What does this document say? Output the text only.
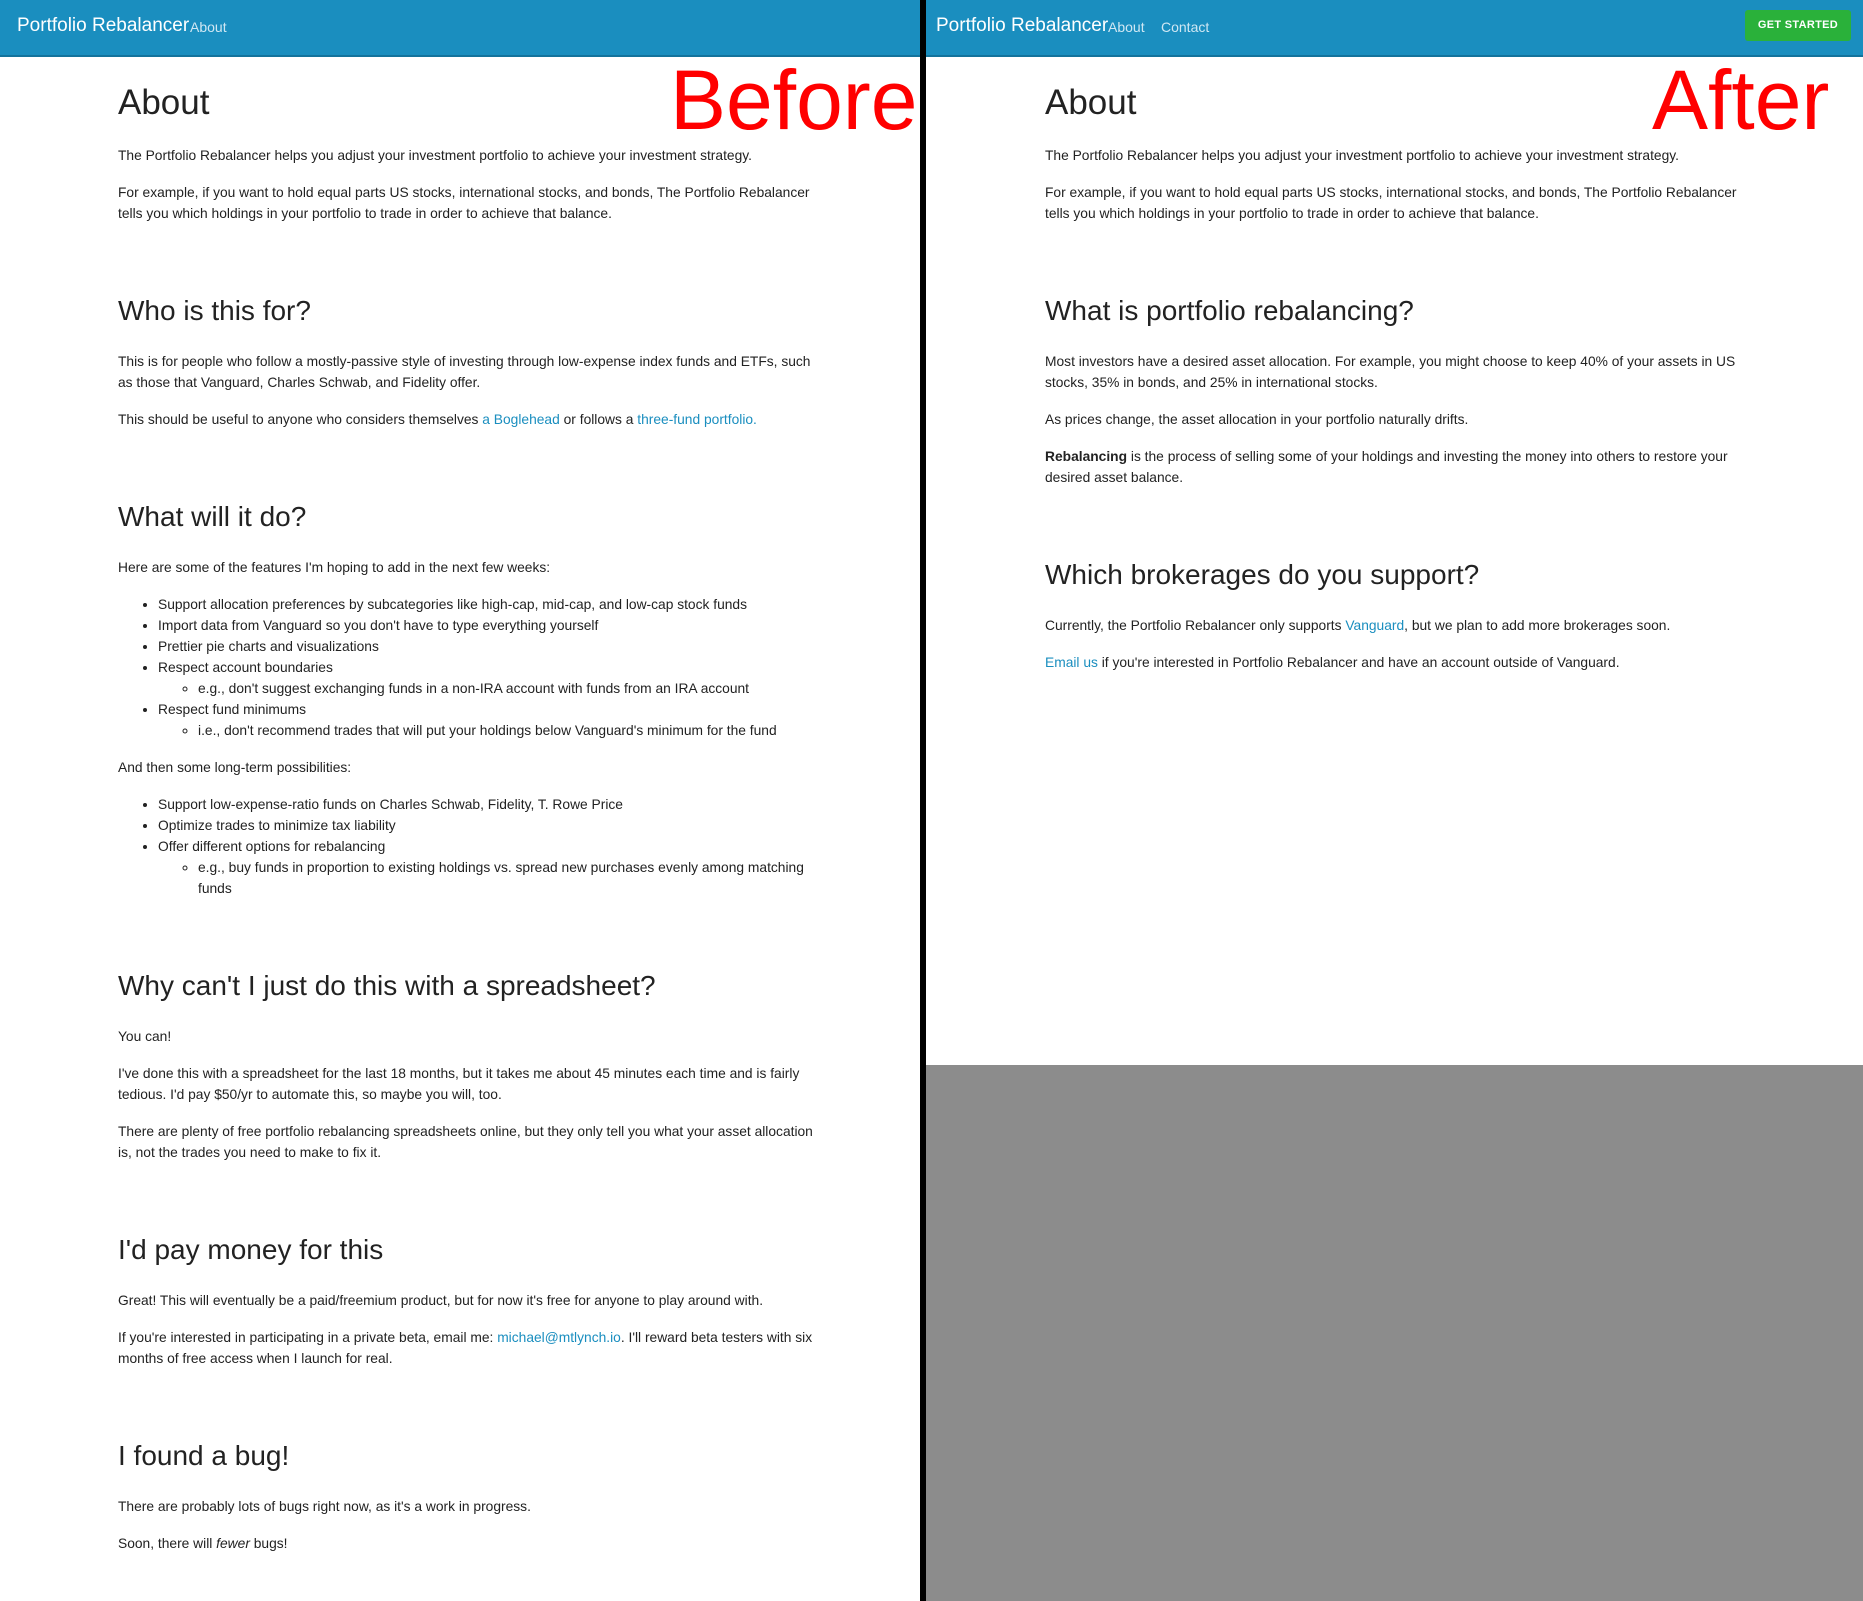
Portfolio Rebalancer About
Before
About

The Portfolio Rebalancer helps you adjust your investment portfolio to achieve your investment strategy.

For example, if you want to hold equal parts US stocks, international stocks, and bonds, The Portfolio Rebalancer tells you which holdings in your portfolio to trade in order to achieve that balance.

Who is this for?

This is for people who follow a mostly-passive style of investing through low-expense index funds and ETFs, such as those that Vanguard, Charles Schwab, and Fidelity offer.

This should be useful to anyone who considers themselves a Boglehead or follows a three-fund portfolio.

What will it do?

Here are some of the features I'm hoping to add in the next few weeks:

• Support allocation preferences by subcategories like high-cap, mid-cap, and low-cap stock funds
• Import data from Vanguard so you don't have to type everything yourself
• Prettier pie charts and visualizations
• Respect account boundaries
◦ e.g., don't suggest exchanging funds in a non-IRA account with funds from an IRA account
• Respect fund minimums
◦ i.e., don't recommend trades that will put your holdings below Vanguard's minimum for the fund

And then some long-term possibilities:

• Support low-expense-ratio funds on Charles Schwab, Fidelity, T. Rowe Price
• Optimize trades to minimize tax liability
• Offer different options for rebalancing
◦ e.g., buy funds in proportion to existing holdings vs. spread new purchases evenly among matching funds
Why can't I just do this with a spreadsheet?

You can!

I've done this with a spreadsheet for the last 18 months, but it takes me about 45 minutes each time and is fairly tedious. I'd pay $50/yr to automate this, so maybe you will, too.

There are plenty of free portfolio rebalancing spreadsheets online, but they only tell you what your asset allocation is, not the trades you need to make to fix it.

I'd pay money for this

Great! This will eventually be a paid/freemium product, but for now it's free for anyone to play around with.

If you're interested in participating in a private beta, email me: michael@mtlynch.io. I'll reward beta testers with six months of free access when I launch for real.

I found a bug!

There are probably lots of bugs right now, as it's a work in progress.

Soon, there will fewer bugs!

Portfolio Rebalancer About Contact	GET STARTED
After
About

The Portfolio Rebalancer helps you adjust your investment portfolio to achieve your investment strategy.

For example, if you want to hold equal parts US stocks, international stocks, and bonds, The Portfolio Rebalancer tells you which holdings in your portfolio to trade in order to achieve that balance.

What is portfolio rebalancing?

Most investors have a desired asset allocation. For example, you might choose to keep 40% of your assets in US stocks, 35% in bonds, and 25% in international stocks.

As prices change, the asset allocation in your portfolio naturally drifts.

Rebalancing is the process of selling some of your holdings and investing the money into others to restore your desired asset balance.

Which brokerages do you support?

Currently, the Portfolio Rebalancer only supports Vanguard, but we plan to add more brokerages soon.

Email us if you're interested in Portfolio Rebalancer and have an account outside of Vanguard.
